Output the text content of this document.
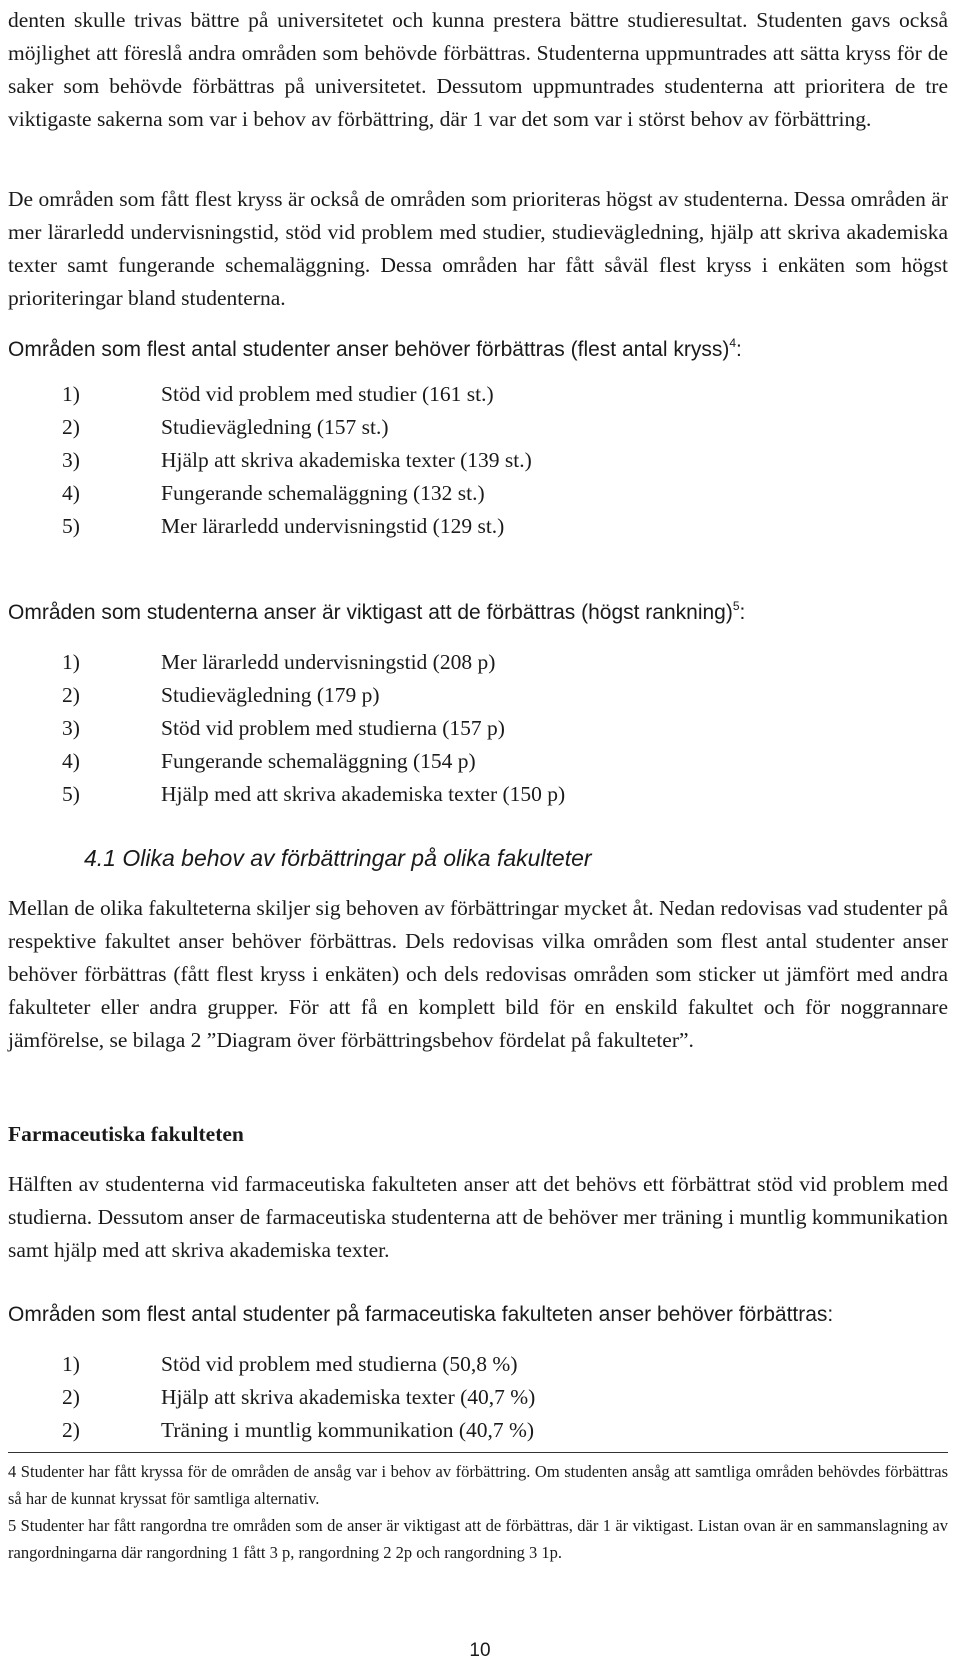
denten skulle trivas bättre på universitetet och kunna prestera bättre studieresultat. Studenten gavs också möjlighet att föreslå andra områden som behövde förbättras. Studenterna uppmuntrades att sätta kryss för de saker som behövde förbättras på universitetet. Dessutom uppmuntrades studenterna att prioritera de tre viktigaste sakerna som var i behov av förbättring, där 1 var det som var i störst behov av förbättring.

De områden som fått flest kryss är också de områden som prioriteras högst av studenterna. Dessa områden är mer lärarledd undervisningstid, stöd vid problem med studier, studievägledning, hjälp att skriva akademiska texter samt fungerande schemaläggning. Dessa områden har fått såväl flest kryss i enkäten som högst prioriteringar bland studenterna.

Områden som flest antal studenter anser behöver förbättras (flest antal kryss)$^4$:

1)	Stöd vid problem med studier (161 st.)
2)	Studievägledning (157 st.)
3)	Hjälp att skriva akademiska texter (139 st.)
4)	Fungerande schemaläggning (132 st.)
5)	Mer lärarledd undervisningstid (129 st.)

Områden som studenterna anser är viktigast att de förbättras (högst rankning)$^5$:

1)	Mer lärarledd undervisningstid (208 p)
2)	Studievägledning (179 p)
3)	Stöd vid problem med studierna (157 p)
4)	Fungerande schemaläggning (154 p)
5)	Hjälp med att skriva akademiska texter (150 p)

4.1 Olika behov av förbättringar på olika fakulteter

Mellan de olika fakulteterna skiljer sig behoven av förbättringar mycket åt. Nedan redovisas vad studenter på respektive fakultet anser behöver förbättras. Dels redovisas vilka områden som flest antal studenter anser behöver förbättras (fått flest kryss i enkäten) och dels redovisas områden som sticker ut jämfört med andra fakulteter eller andra grupper. För att få en komplett bild för en enskild fakultet och för noggrannare jämförelse, se bilaga 2 ”Diagram över förbättringsbehov fördelat på fakulteter”.

Farmaceutiska fakulteten

Hälften av studenterna vid farmaceutiska fakulteten anser att det behövs ett förbättrat stöd vid problem med studierna. Dessutom anser de farmaceutiska studenterna att de behöver mer träning i muntlig kommunikation samt hjälp med att skriva akademiska texter.

Områden som flest antal studenter på farmaceutiska fakulteten anser behöver förbättras:

1)	Stöd vid problem med studierna (50,8 %)
2)	Hjälp att skriva akademiska texter (40,7 %)
2)	Träning i muntlig kommunikation (40,7 %)

4 Studenter har fått kryssa för de områden de ansåg var i behov av förbättring. Om studenten ansåg att samtliga områden behövdes förbättras så har de kunnat kryssat för samtliga alternativ.

5 Studenter har fått rangordna tre områden som de anser är viktigast att de förbättras, där 1 är viktigast. Listan ovan är en sammanslagning av rangordningarna där rangordning 1 fått 3 p, rangordning 2 2p och rangordning 3 1p.

10
